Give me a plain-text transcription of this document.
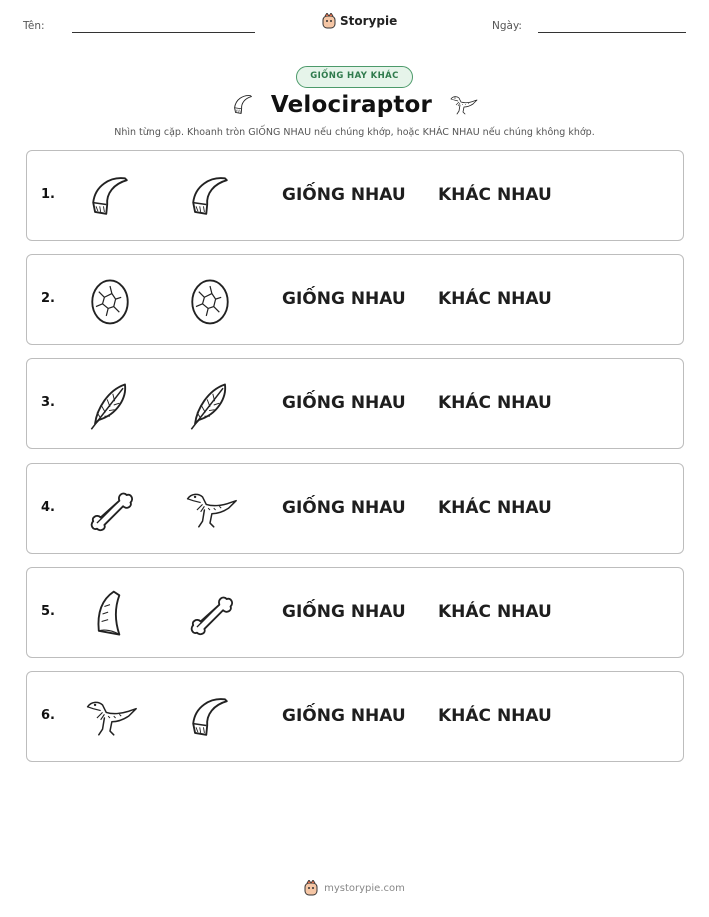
Tên:	Storypie	Ngày:
GIỐNG HAY KHÁC
Velociraptor
Nhìn từng cặp. Khoanh tròn GIỐNG NHAU nếu chúng khớp, hoặc KHÁC NHAU nếu chúng không khớp.
1.	GIỐNG NHAU KHÁC NHAU
2.	GIỐNG NHAU KHÁC NHAU
3.	GIỐNG NHAU KHÁC NHAU
4.	GIỐNG NHAU KHÁC NHAU
5.	GIỐNG NHAU KHÁC NHAU
6.	GIỐNG NHAU KHÁC NHAU
mystorypie.com
